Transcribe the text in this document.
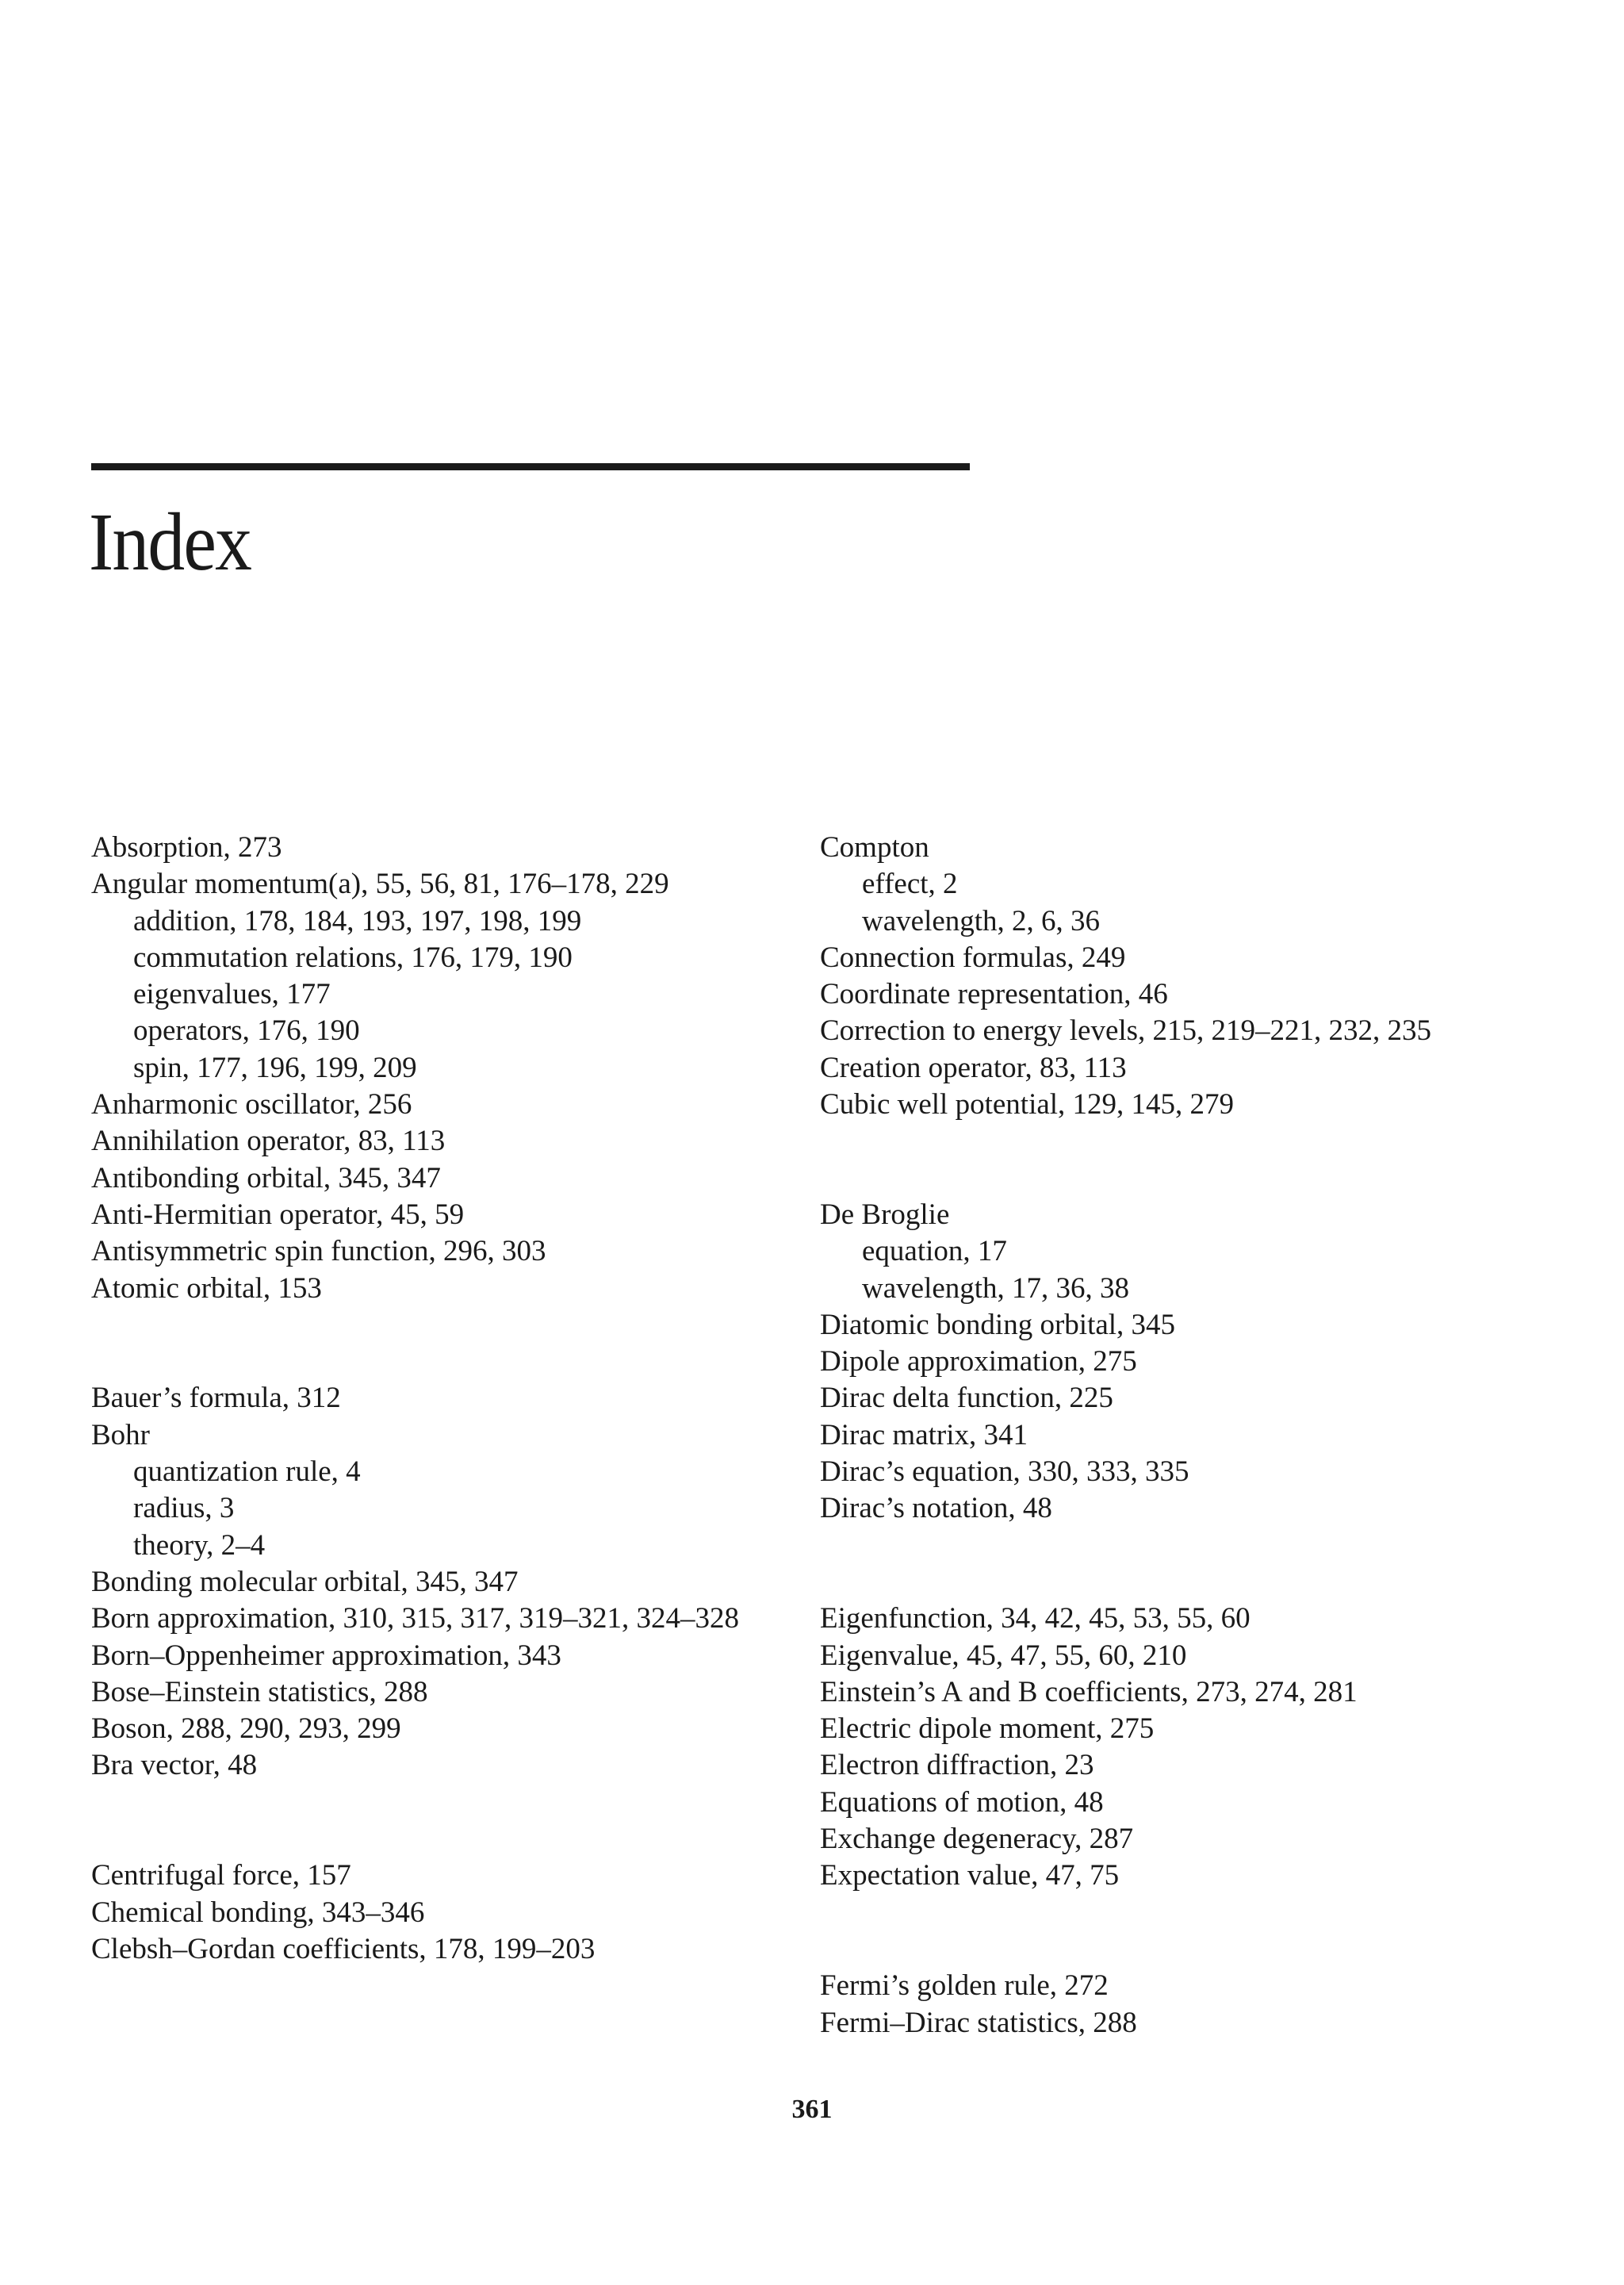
Index
Absorption, 273
Angular momentum(a), 55, 56, 81, 176–178, 229
addition, 178, 184, 193, 197, 198, 199
commutation relations, 176, 179, 190
eigenvalues, 177
operators, 176, 190
spin, 177, 196, 199, 209
Anharmonic oscillator, 256
Annihilation operator, 83, 113
Antibonding orbital, 345, 347
Anti-Hermitian operator, 45, 59
Antisymmetric spin function, 296, 303
Atomic orbital, 153
Bauer’s formula, 312
Bohr
quantization rule, 4
radius, 3
theory, 2–4
Bonding molecular orbital, 345, 347
Born approximation, 310, 315, 317, 319–321, 324–328
Born–Oppenheimer approximation, 343
Bose–Einstein statistics, 288
Boson, 288, 290, 293, 299
Bra vector, 48
Centrifugal force, 157
Chemical bonding, 343–346
Clebsh–Gordan coefficients, 178, 199–203
Compton
effect, 2
wavelength, 2, 6, 36
Connection formulas, 249
Coordinate representation, 46
Correction to energy levels, 215, 219–221, 232, 235
Creation operator, 83, 113
Cubic well potential, 129, 145, 279
De Broglie
equation, 17
wavelength, 17, 36, 38
Diatomic bonding orbital, 345
Dipole approximation, 275
Dirac delta function, 225
Dirac matrix, 341
Dirac’s equation, 330, 333, 335
Dirac’s notation, 48
Eigenfunction, 34, 42, 45, 53, 55, 60
Eigenvalue, 45, 47, 55, 60, 210
Einstein’s A and B coefficients, 273, 274, 281
Electric dipole moment, 275
Electron diffraction, 23
Equations of motion, 48
Exchange degeneracy, 287
Expectation value, 47, 75
Fermi’s golden rule, 272
Fermi–Dirac statistics, 288
361
